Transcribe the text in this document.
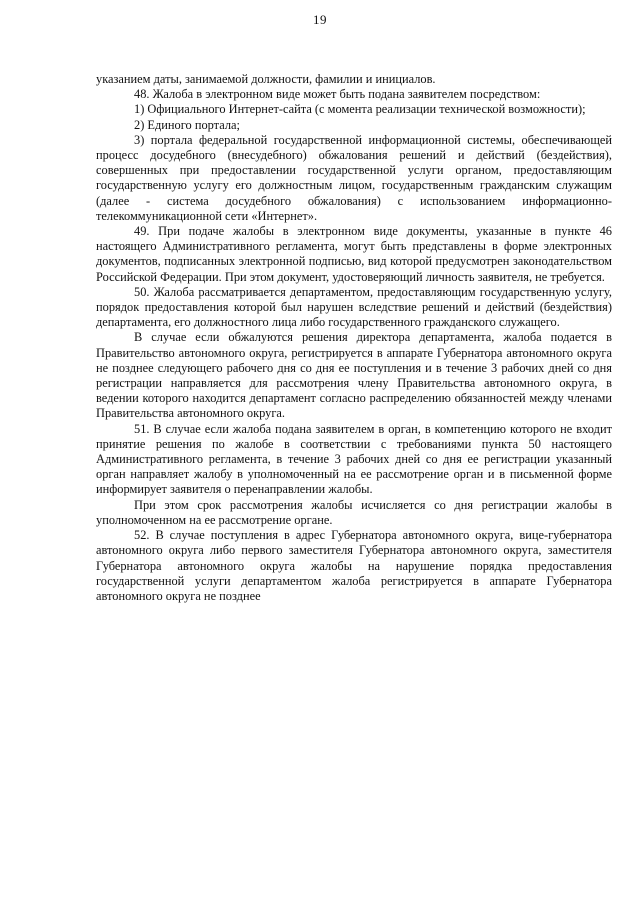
19

указанием даты, занимаемой должности, фамилии и инициалов.

48. Жалоба в электронном виде может быть подана заявителем посредством:

1) Официального Интернет-сайта (с момента реализации технической возможности);

2) Единого портала;

3) портала федеральной государственной информационной системы, обеспечивающей процесс досудебного (внесудебного) обжалования решений и действий (бездействия), совершенных при предоставлении государственной услуги органом, предоставляющим государственную услугу его должностным лицом, государственным гражданским служащим (далее - система досудебного обжалования) с использованием информационно-телекоммуникационной сети «Интернет».

49. При подаче жалобы в электронном виде документы, указанные в пункте 46 настоящего Административного регламента, могут быть представлены в форме электронных документов, подписанных электронной подписью, вид которой предусмотрен законодательством Российской Федерации. При этом документ, удостоверяющий личность заявителя, не требуется.

50. Жалоба рассматривается департаментом, предоставляющим государственную услугу, порядок предоставления которой был нарушен вследствие решений и действий (бездействия) департамента, его должностного лица либо государственного гражданского служащего.

В случае если обжалуются решения директора департамента, жалоба подается в Правительство автономного округа, регистрируется в аппарате Губернатора автономного округа не позднее следующего рабочего дня со дня ее поступления и в течение 3 рабочих дней со дня регистрации направляется для рассмотрения члену Правительства автономного округа, в ведении которого находится департамент согласно распределению обязанностей между членами Правительства автономного округа.

51. В случае если жалоба подана заявителем в орган, в компетенцию которого не входит принятие решения по жалобе в соответствии с требованиями пункта 50 настоящего Административного регламента, в течение 3 рабочих дней со дня ее регистрации указанный орган направляет жалобу в уполномоченный на ее рассмотрение орган и в письменной форме информирует заявителя о перенаправлении жалобы.

При этом срок рассмотрения жалобы исчисляется со дня регистрации жалобы в уполномоченном на ее рассмотрение органе.

52. В случае поступления в адрес Губернатора автономного округа, вице-губернатора автономного округа либо первого заместителя Губернатора автономного округа, заместителя Губернатора автономного округа жалобы на нарушение порядка предоставления государственной услуги департаментом жалоба регистрируется в аппарате Губернатора автономного округа не позднее
